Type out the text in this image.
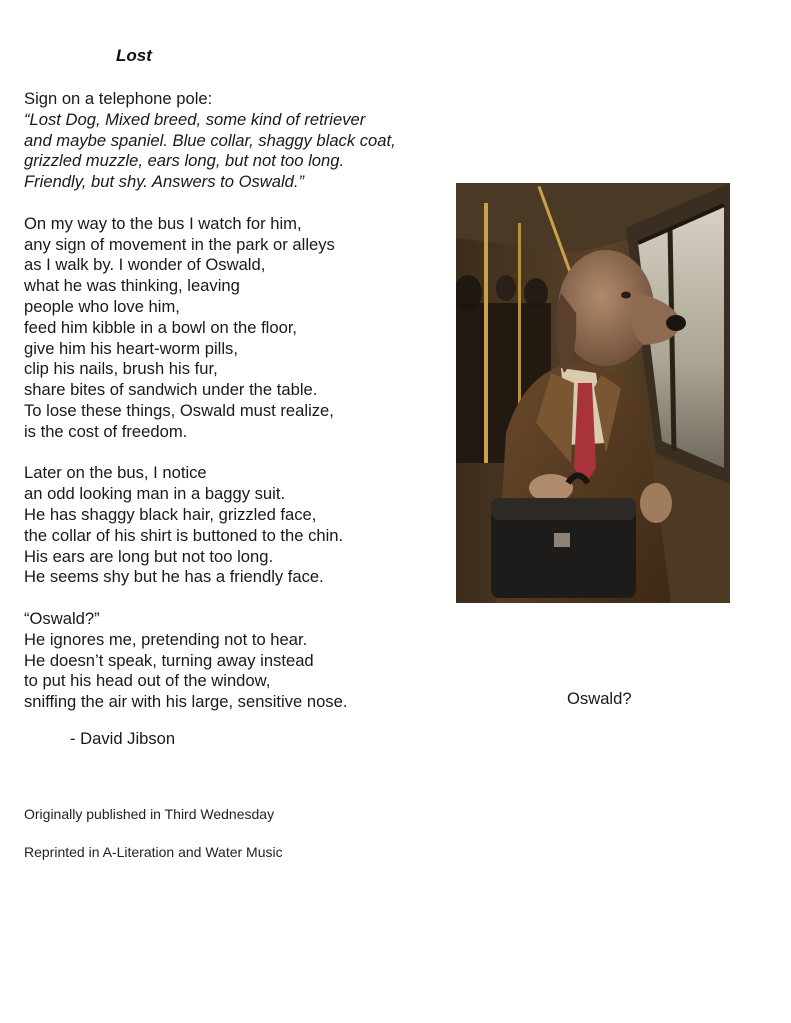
Lost

Sign on a telephone pole:
“Lost Dog, Mixed breed, some kind of retriever
and maybe spaniel. Blue collar, shaggy black coat,
grizzled muzzle, ears long, but not too long.
Friendly, but shy. Answers to Oswald.”

On my way to the bus I watch for him,
any sign of movement in the park or alleys
as I walk by. I wonder of Oswald,
what he was thinking, leaving
people who love him,
feed him kibble in a bowl on the floor,
give him his heart-worm pills,
clip his nails, brush his fur,
share bites of sandwich under the table.
To lose these things, Oswald must realize,
is the cost of freedom.

Later on the bus, I notice
an odd looking man in a baggy suit.
He has shaggy black hair, grizzled face,
the collar of his shirt is buttoned to the chin.
His ears are long but not too long.
He seems shy but he has a friendly face.

“Oswald?”
He ignores me, pretending not to hear.
He doesn’t speak, turning away instead
to put his head out of the window,
sniffing the air with his large, sensitive nose.

- David Jibson
Originally published in Third Wednesday
Reprinted in A-Literation and Water Music
Oswald?
